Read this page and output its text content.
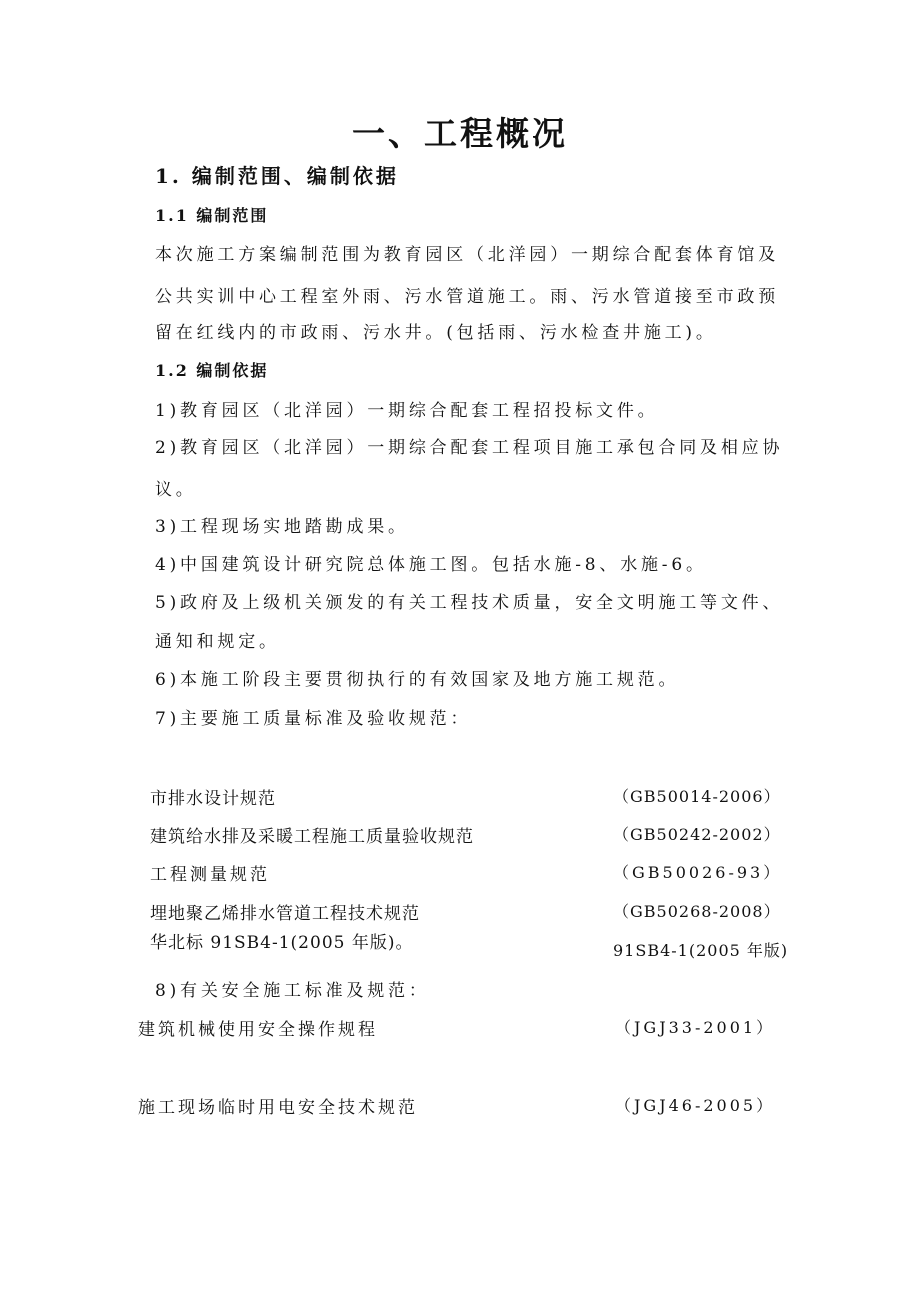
一、工程概况
1. 编制范围、编制依据
1.1 编制范围
本次施工方案编制范围为教育园区（北洋园）一期综合配套体育馆及
公共实训中心工程室外雨、污水管道施工。雨、污水管道接至市政预
留在红线内的市政雨、污水井。(包括雨、污水检查井施工)。
1.2 编制依据
1)教育园区（北洋园）一期综合配套工程招投标文件。
2)教育园区（北洋园）一期综合配套工程项目施工承包合同及相应协
议。
3)工程现场实地踏勘成果。
4)中国建筑设计研究院总体施工图。包括水施-8、水施-6。
5)政府及上级机关颁发的有关工程技术质量，安全文明施工等文件、
通知和规定。
6)本施工阶段主要贯彻执行的有效国家及地方施工规范。
7)主要施工质量标准及验收规范：
市排水设计规范	（GB50014-2006）
建筑给水排及采暖工程施工质量验收规范	（GB50242-2002）
工程测量规范	（GB50026-93）
埋地聚乙烯排水管道工程技术规范	（GB50268-2008）
华北标 91SB4-1(2005 年版)。	91SB4-1(2005 年版)
8)有关安全施工标准及规范：
建筑机械使用安全操作规程	（JGJ33-2001）
施工现场临时用电安全技术规范	（JGJ46-2005）
